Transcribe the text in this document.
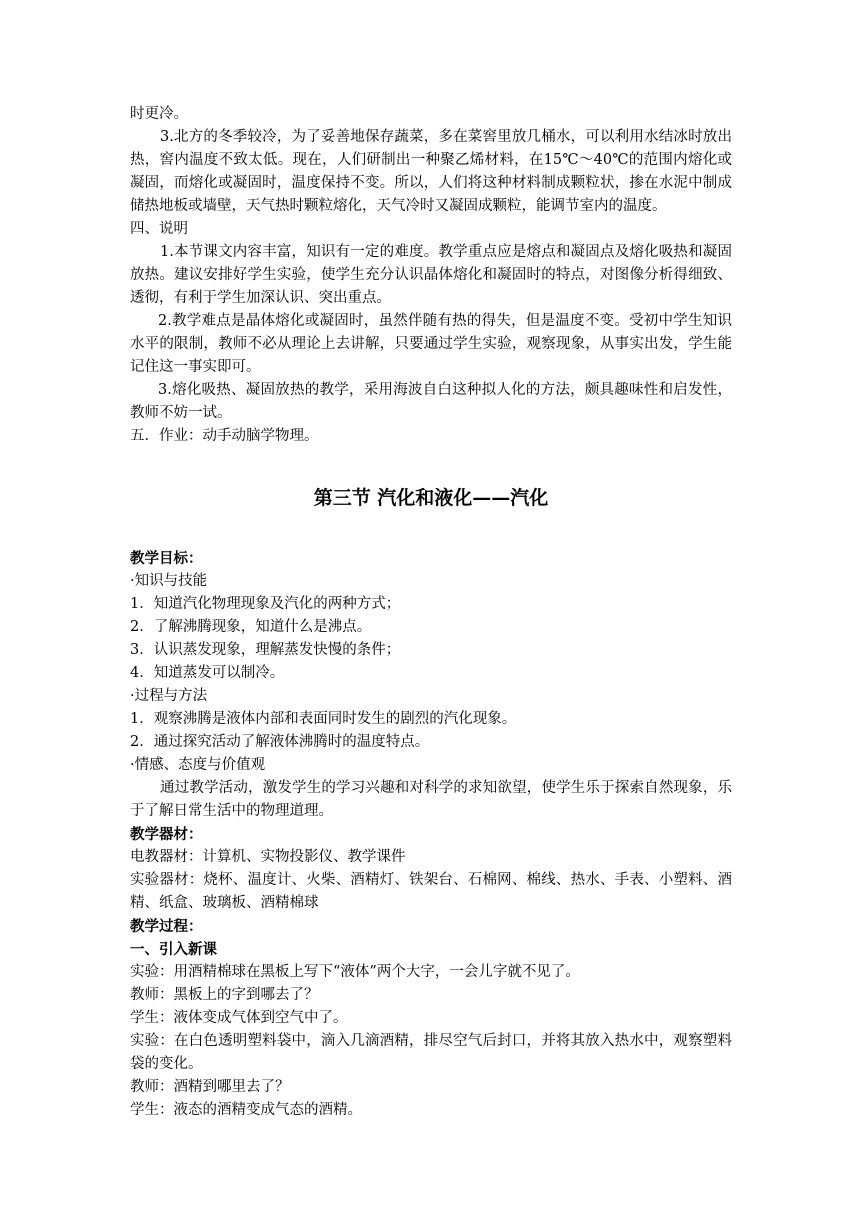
时更冷。

3.北方的冬季较冷，为了妥善地保存蔬菜，多在菜窖里放几桶水，可以利用水结冰时放出热，窖内温度不致太低。现在，人们研制出一种聚乙烯材料，在15℃～40℃的范围内熔化或凝固，而熔化或凝固时，温度保持不变。所以，人们将这种材料制成颗粒状，掺在水泥中制成储热地板或墙壁，天气热时颗粒熔化，天气冷时又凝固成颗粒，能调节室内的温度。

四、说明

1.本节课文内容丰富，知识有一定的难度。教学重点应是熔点和凝固点及熔化吸热和凝固放热。建议安排好学生实验，使学生充分认识晶体熔化和凝固时的特点，对图像分析得细致、透彻，有利于学生加深认识、突出重点。

2.教学难点是晶体熔化或凝固时，虽然伴随有热的得失，但是温度不变。受初中学生知识水平的限制，教师不必从理论上去讲解，只要通过学生实验，观察现象，从事实出发，学生能记住这一事实即可。

3.熔化吸热、凝固放热的教学，采用海波自白这种拟人化的方法，颇具趣味性和启发性，教师不妨一试。

五．作业：动手动脑学物理。

第三节 汽化和液化——汽化

教学目标：

·知识与技能

1．知道汽化物理现象及汽化的两种方式；

2．了解沸腾现象，知道什么是沸点。

3．认识蒸发现象，理解蒸发快慢的条件；

4．知道蒸发可以制冷。

·过程与方法

1．观察沸腾是液体内部和表面同时发生的剧烈的汽化现象。

2．通过探究活动了解液体沸腾时的温度特点。

·情感、态度与价值观

通过教学活动，激发学生的学习兴趣和对科学的求知欲望，使学生乐于探索自然现象，乐于了解日常生活中的物理道理。

教学器材：

电教器材：计算机、实物投影仪、教学课件

实验器材：烧杯、温度计、火柴、酒精灯、铁架台、石棉网、棉线、热水、手表、小塑料、酒精、纸盒、玻璃板、酒精棉球

教学过程：

一、引入新课

实验：用酒精棉球在黑板上写下“液体”两个大字，一会儿字就不见了。

教师：黑板上的字到哪去了？

学生：液体变成气体到空气中了。

实验：在白色透明塑料袋中，滴入几滴酒精，排尽空气后封口，并将其放入热水中，观察塑料袋的变化。

教师：酒精到哪里去了？

学生：液态的酒精变成气态的酒精。
